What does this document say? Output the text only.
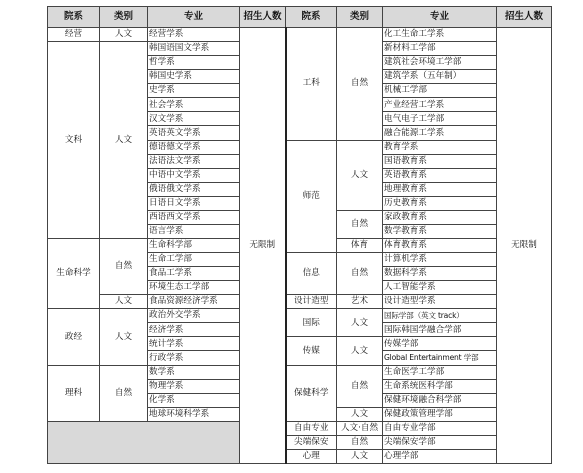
院系	类别	专业	招生人数	院系	类别	专业	招生人数
经营	人文	经营学系	无限制	工科	自然	化工生命工学系	无限制
文科	人文	韩国语国文学系				新材料工学部	
		哲学系				建筑社会环境工学部	
		韩国史学系				建筑学系（五年制）	
		史学系				机械工学部	
		社会学系				产业经营工学系	
		汉文学系				电气电子工学部	
		英语英文学系				融合能源工学系	
		德语德文学系		师范	人文	教育学系	
		法语法文学系				国语教育系	
		中语中文学系				英语教育系	
		俄语俄文学系				地理教育系	
		日语日文学系				历史教育系	
		西语西文学系			自然	家政教育系	
		语言学系				数学教育系	
生命科学	自然	生命科学部			体育	体育教育系	
		生命工学部		信息	自然	计算机学系	
		食品工学系				数据科学系	
		环境生态工学部				人工智能学系	
	人文	食品资源经济学系		设计造型	艺术	设计造型学系	
政经	人文	政治外交学系		国际	人文	国际学部（英文 track）	
		经济学系				国际韩国学融合学部	
		统计学系		传媒	人文	传媒学部	
		行政学系				Global Entertainment 学部	
理科	自然	数学系		保健科学	自然	生命医学工学部	
		物理学系				生命系统医科学部	
		化学系				保健环境融合科学部	
		地球环境科学系			人文	保健政策管理学部	
				自由专业	人文·自然	自由专业学部	
				尖端保安	自然	尖端保安学部	
				心理	人文	心理学部	
